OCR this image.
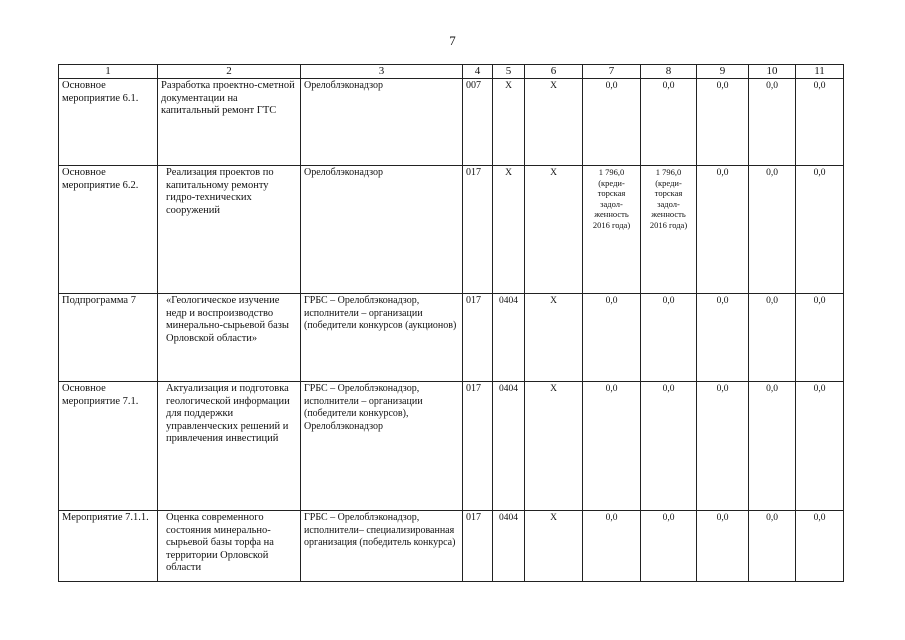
7
1	2	3	4	5	6	7	8	9	10	11
Основное мероприятие 6.1.	Разработка проектно-сметной документации на капитальный ремонт ГТС	Орелоблэконадзор	007	Х	Х	0,0	0,0	0,0	0,0	0,0
Основное мероприятие 6.2.	Реализация проектов по капитальному ремонту гидро-технических сооружений	Орелоблэконадзор	017	Х	Х	1 796,0 (креди-торская задол-женность 2016 года)	1 796,0 (креди-торская задол-женность 2016 года)	0,0	0,0	0,0
Подпрограмма 7	«Геологическое изучение недр и воспроизводство минерально-сырьевой базы Орловской области»	ГРБС – Орелоблэконадзор, исполнители – организации (победители конкурсов (аукционов)	017	0404	Х	0,0	0,0	0,0	0,0	0,0
Основное мероприятие 7.1.	Актуализация и подготовка геологической информации для поддержки управленческих решений и привлечения инвестиций	ГРБС – Орелоблэконадзор, исполнители – организации (победители конкурсов), Орелоблэконадзор	017	0404	Х	0,0	0,0	0,0	0,0	0,0
Мероприятие 7.1.1.	Оценка современного состояния минерально-сырьевой базы торфа на территории Орловской области	ГРБС – Орелоблэконадзор, исполнители– специализированная организация (победитель конкурса)	017	0404	Х	0,0	0,0	0,0	0,0	0,0
